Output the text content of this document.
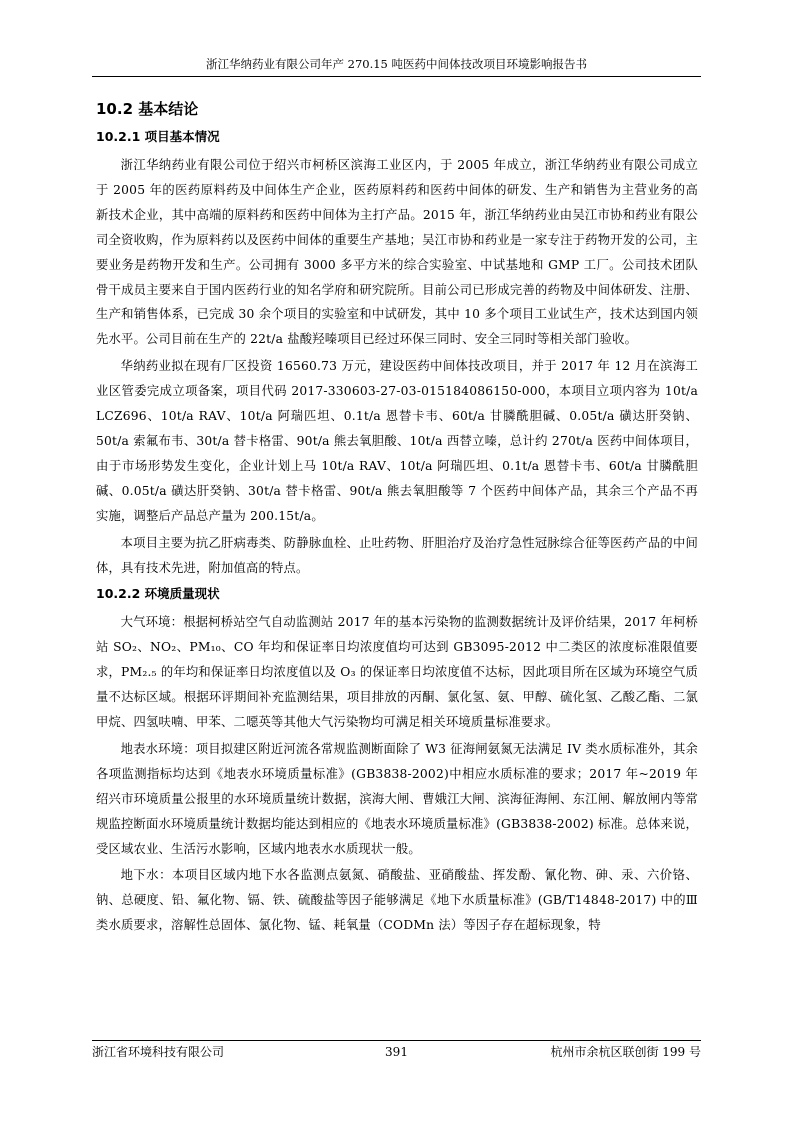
浙江华纳药业有限公司年产 270.15 吨医药中间体技改项目环境影响报告书
10.2 基本结论
10.2.1 项目基本情况

浙江华纳药业有限公司位于绍兴市柯桥区滨海工业区内，于 2005 年成立，浙江华纳药业有限公司成立于 2005 年的医药原料药及中间体生产企业，医药原料药和医药中间体的研发、生产和销售为主营业务的高新技术企业，其中高端的原料药和医药中间体为主打产品。2015 年，浙江华纳药业由吴江市协和药业有限公司全资收购，作为原料药以及医药中间体的重要生产基地；吴江市协和药业是一家专注于药物开发的公司，主要业务是药物开发和生产。公司拥有 3000 多平方米的综合实验室、中试基地和 GMP 工厂。公司技术团队骨干成员主要来自于国内医药行业的知名学府和研究院所。目前公司已形成完善的药物及中间体研发、注册、生产和销售体系，已完成 30 余个项目的实验室和中试研发，其中 10 多个项目工业试生产，技术达到国内领先水平。公司目前在生产的 22t/a 盐酸羟嗪项目已经过环保三同时、安全三同时等相关部门验收。

华纳药业拟在现有厂区投资 16560.73 万元，建设医药中间体技改项目，并于 2017 年 12 月在滨海工业区管委完成立项备案，项目代码 2017-330603-27-03-015184086150-000，本项目立项内容为 10t/a LCZ696、10t/a RAV、10t/a 阿瑞匹坦、0.1t/a 恩替卡韦、60t/a 甘膦酰胆碱、0.05t/a 磺达肝癸钠、50t/a 索氟布韦、30t/a 替卡格雷、90t/a 熊去氧胆酸、10t/a 西替立嗪，总计约 270t/a 医药中间体项目，由于市场形势发生变化，企业计划上马 10t/a RAV、10t/a 阿瑞匹坦、0.1t/a 恩替卡韦、60t/a 甘膦酰胆碱、0.05t/a 磺达肝癸钠、30t/a 替卡格雷、90t/a 熊去氧胆酸等 7 个医药中间体产品，其余三个产品不再实施，调整后产品总产量为 200.15t/a。

本项目主要为抗乙肝病毒类、防静脉血栓、止吐药物、肝胆治疗及治疗急性冠脉综合征等医药产品的中间体，具有技术先进，附加值高的特点。

10.2.2 环境质量现状

大气环境：根据柯桥站空气自动监测站 2017 年的基本污染物的监测数据统计及评价结果，2017 年柯桥站 SO₂、NO₂、PM₁₀、CO 年均和保证率日均浓度值均可达到 GB3095-2012 中二类区的浓度标准限值要求，PM₂.₅ 的年均和保证率日均浓度值以及 O₃ 的保证率日均浓度值不达标，因此项目所在区域为环境空气质量不达标区域。根据环评期间补充监测结果，项目排放的丙酮、氯化氢、氨、甲醇、硫化氢、乙酸乙酯、二氯甲烷、四氢呋喃、甲苯、二噁英等其他大气污染物均可满足相关环境质量标准要求。

地表水环境：项目拟建区附近河流各常规监测断面除了 W3 征海闸氨氮无法满足 IV 类水质标准外，其余各项监测指标均达到《地表水环境质量标准》(GB3838-2002)中相应水质标准的要求；2017 年~2019 年绍兴市环境质量公报里的水环境质量统计数据，滨海大闸、曹娥江大闸、滨海征海闸、东江闸、解放闸内等常规监控断面水环境质量统计数据均能达到相应的《地表水环境质量标准》(GB3838-2002) 标准。总体来说，受区域农业、生活污水影响，区域内地表水水质现状一般。

地下水：本项目区域内地下水各监测点氨氮、硝酸盐、亚硝酸盐、挥发酚、氰化物、砷、汞、六价铬、钠、总硬度、铅、氟化物、镉、铁、硫酸盐等因子能够满足《地下水质量标准》(GB/T14848-2017) 中的Ⅲ类水质要求，溶解性总固体、氯化物、锰、耗氧量（CODMn 法）等因子存在超标现象，特

浙江省环境科技有限公司	391	杭州市余杭区联创街 199 号
